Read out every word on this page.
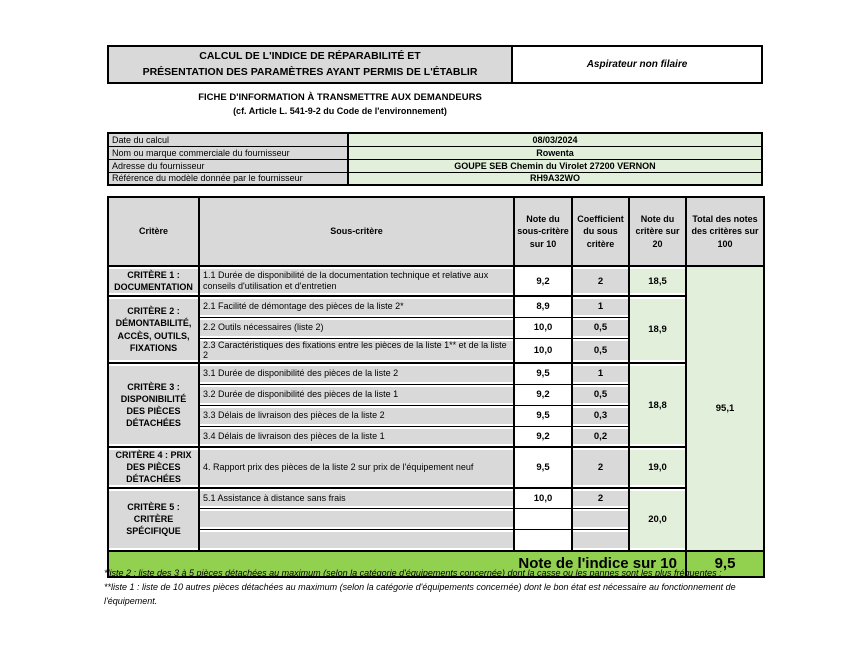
CALCUL DE L'INDICE DE RÉPARABILITÉ ET
PRÉSENTATION DES PARAMÈTRES AYANT PERMIS DE L'ÉTABLIR
Aspirateur non filaire

FICHE D'INFORMATION À TRANSMETTRE AUX DEMANDEURS

(cf. Article L. 541-9-2 du Code de l'environnement)

Date du calcul	08/03/2024
Nom ou marque commerciale du fournisseur	Rowenta
Adresse du fournisseur	GOUPE SEB Chemin du Virolet 27200 VERNON
Référence du modèle donnée par le fournisseur	RH9A32WO
Critère	Sous-critère	Note du sous-critère sur 10	Coefficient du sous critère	Note du critère sur 20	Total des notes des critères sur 100
CRITÈRE 1 : DOCUMENTATION	1.1 Durée de disponibilité de la documentation technique et relative aux conseils d'utilisation et d'entretien	9,2	2	18,5	95,1
CRITÈRE 2 : DÉMONTABILITÉ, ACCÈS, OUTILS, FIXATIONS	2.1 Facilité de démontage des pièces de la liste 2*	8,9	1	18,9	
	2.2 Outils nécessaires (liste 2)	10,0	0,5		
	2.3 Caractéristiques des fixations entre les pièces de la liste 1** et de la liste 2	10,0	0,5		
CRITÈRE 3 : DISPONIBILITÉ DES PIÈCES DÉTACHÉES	3.1 Durée de disponibilité des pièces de la liste 2	9,5	1	18,8	
	3.2 Durée de disponibilité des pièces de la liste 1	9,2	0,5		
	3.3 Délais de livraison des pièces de la liste 2	9,5	0,3		
	3.4 Délais de livraison des pièces de la liste 1	9,2	0,2		
CRITÈRE 4 : PRIX DES PIÈCES DÉTACHÉES	4. Rapport prix des pièces de la liste 2 sur prix de l'équipement neuf	9,5	2	19,0	
CRITÈRE 5 : CRITÈRE SPÉCIFIQUE	5.1 Assistance à distance sans frais	10,0	2	20,0	

Note de l'indice sur 10					9,5

*liste 2 : liste des 3 à 5 pièces détachées au maximum (selon la catégorie d'équipements concernée) dont la casse ou les pannes sont les plus fréquentes ;

**liste 1 : liste de 10 autres pièces détachées au maximum (selon la catégorie d'équipements concernée) dont le bon état est nécessaire au fonctionnement de l'équipement.
